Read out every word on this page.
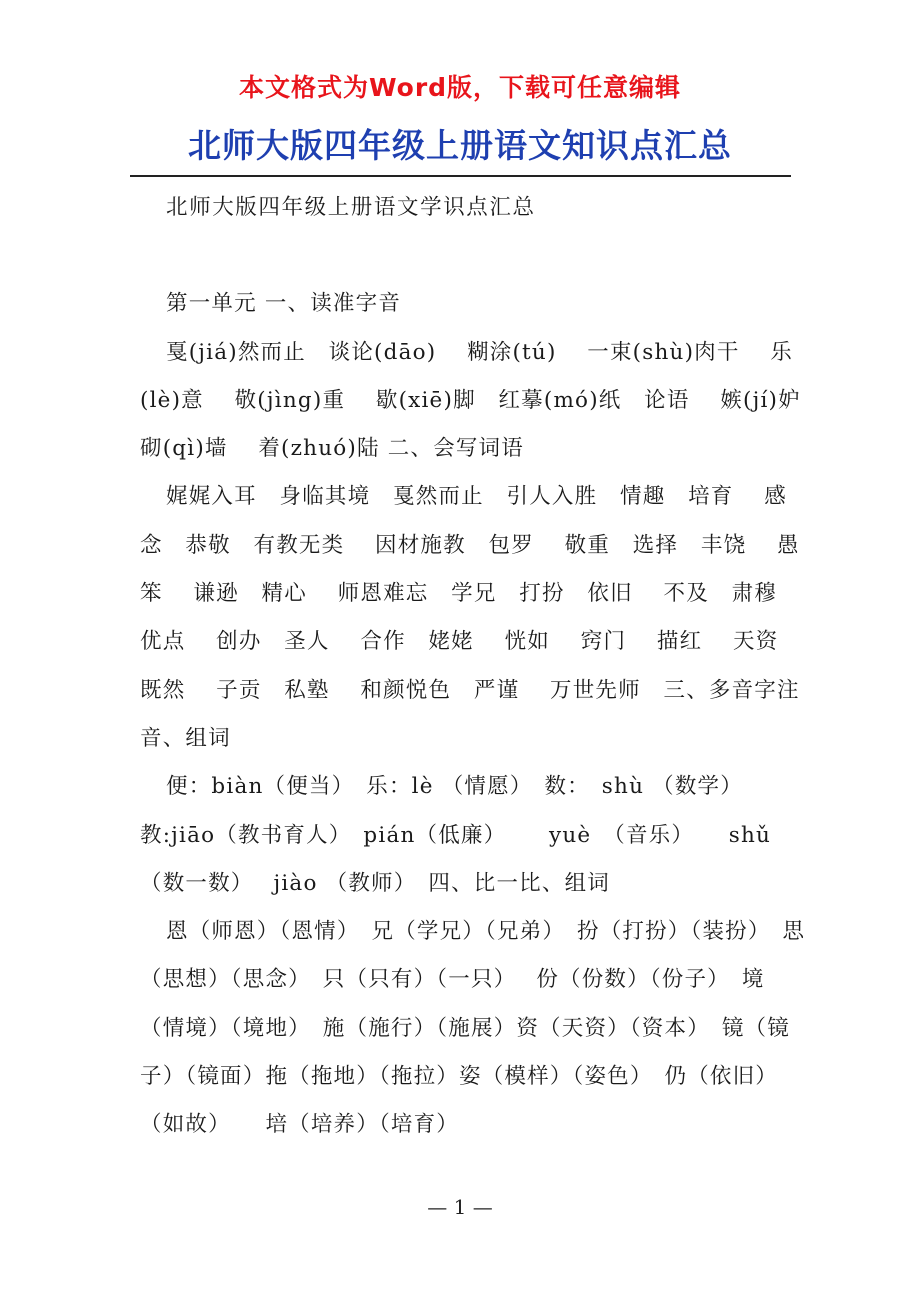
本文格式为Word版，下载可任意编辑
北师大版四年级上册语文知识点汇总

北师大版四年级上册语文学识点汇总

第一单元 一、读准字音

戛(jiá)然而止　谈论(dāo)　 糊涂(tú)　 一束(shù)肉干　 乐(lè)意　 敬(jìng)重　 歇(xiē)脚　红摹(mó)纸　论语　 嫉(jí)妒　 砌(qì)墙　 着(zhuó)陆 二、会写词语

娓娓入耳　身临其境　戛然而止　引人入胜　情趣　培育　 感念　恭敬　有教无类　 因材施教　包罗　 敬重　选择　丰饶　 愚笨　 谦逊　精心　 师恩难忘　学兄　打扮　依旧　 不及　肃穆　 优点　 创办　圣人　 合作　姥姥　 恍如　 窍门　 描红　 天资　 既然　 子贡　私塾　 和颜悦色　严谨　 万世先师　三、多音字注音、组词

便：biàn（便当）　乐：lè （情愿）　数：　shù （数学）　教:jiāo（教书育人）　pián（低廉）　　 yuè　（音乐）　　shǔ （数一数）　 jiào （教师）　四、比一比、组词

恩（师恩）（恩情）　兄（学兄）（兄弟）　扮（打扮）（装扮）　思（思想）（思念）　只（只有）（一只）　 份（份数）（份子）　境（情境）（境地）　施（施行）（施展）资（天资）（资本）　镜（镜子）（镜面）拖（拖地）（拖拉）姿（模样）（姿色）　仍（依旧）（如故）　　培（培养）（培育）

— 1 —
